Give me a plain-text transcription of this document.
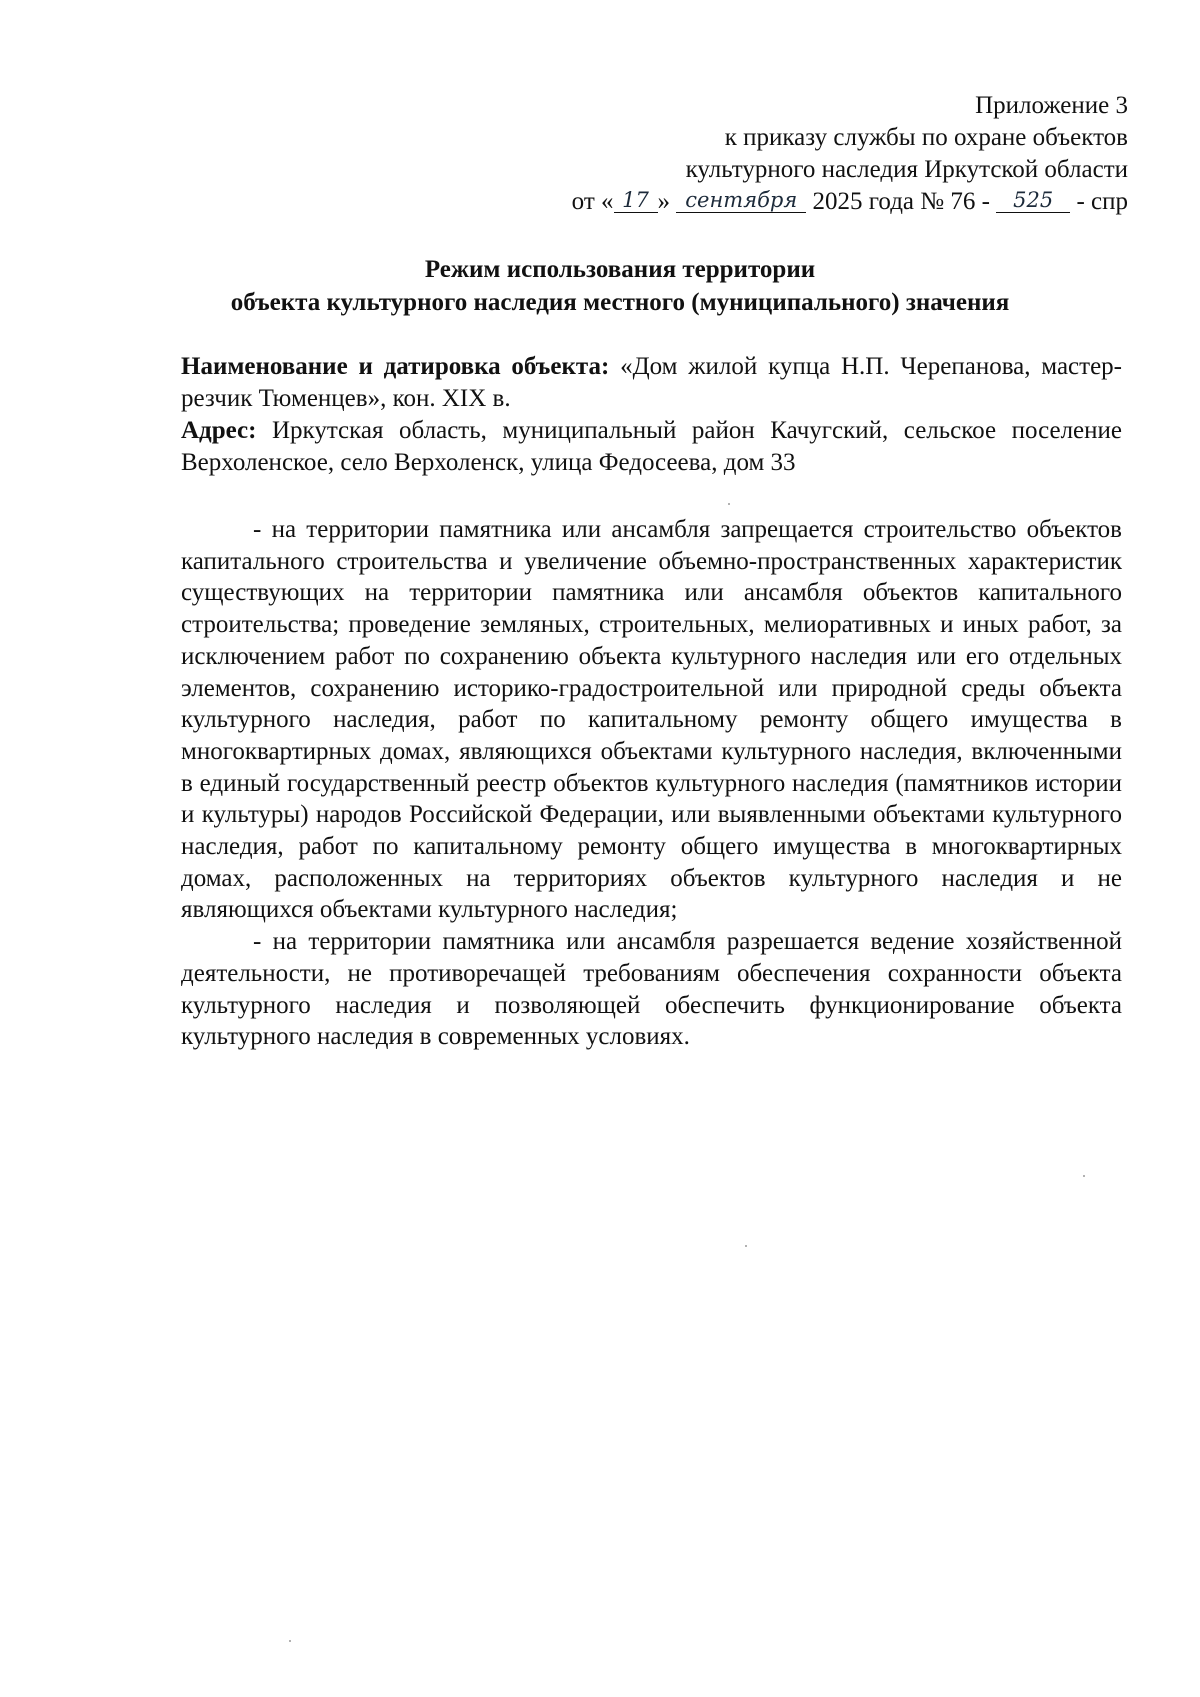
Приложение 3
к приказу службы по охране объектов
культурного наследия Иркутской области
от « 17 » сентября 2025 года № 76 - 525 - спр
Режим использования территории
объекта культурного наследия местного (муниципального) значения

Наименование и датировка объекта: «Дом жилой купца Н.П. Черепанова, мастер-резчик Тюменцев», кон. XIX в.

Адрес: Иркутская область, муниципальный район Качугский, сельское поселение Верхоленское, село Верхоленск, улица Федосеева, дом 33

- на территории памятника или ансамбля запрещается строительство объектов капитального строительства и увеличение объемно-пространственных характеристик существующих на территории памятника или ансамбля объектов капитального строительства; проведение земляных, строительных, мелиоративных и иных работ, за исключением работ по сохранению объекта культурного наследия или его отдельных элементов, сохранению историко-градостроительной или природной среды объекта культурного наследия, работ по капитальному ремонту общего имущества в многоквартирных домах, являющихся объектами культурного наследия, включенными в единый государственный реестр объектов культурного наследия (памятников истории и культуры) народов Российской Федерации, или выявленными объектами культурного наследия, работ по капитальному ремонту общего имущества в многоквартирных домах, расположенных на территориях объектов культурного наследия и не являющихся объектами культурного наследия;

- на территории памятника или ансамбля разрешается ведение хозяйственной деятельности, не противоречащей требованиям обеспечения сохранности объекта культурного наследия и позволяющей обеспечить функционирование объекта культурного наследия в современных условиях.
